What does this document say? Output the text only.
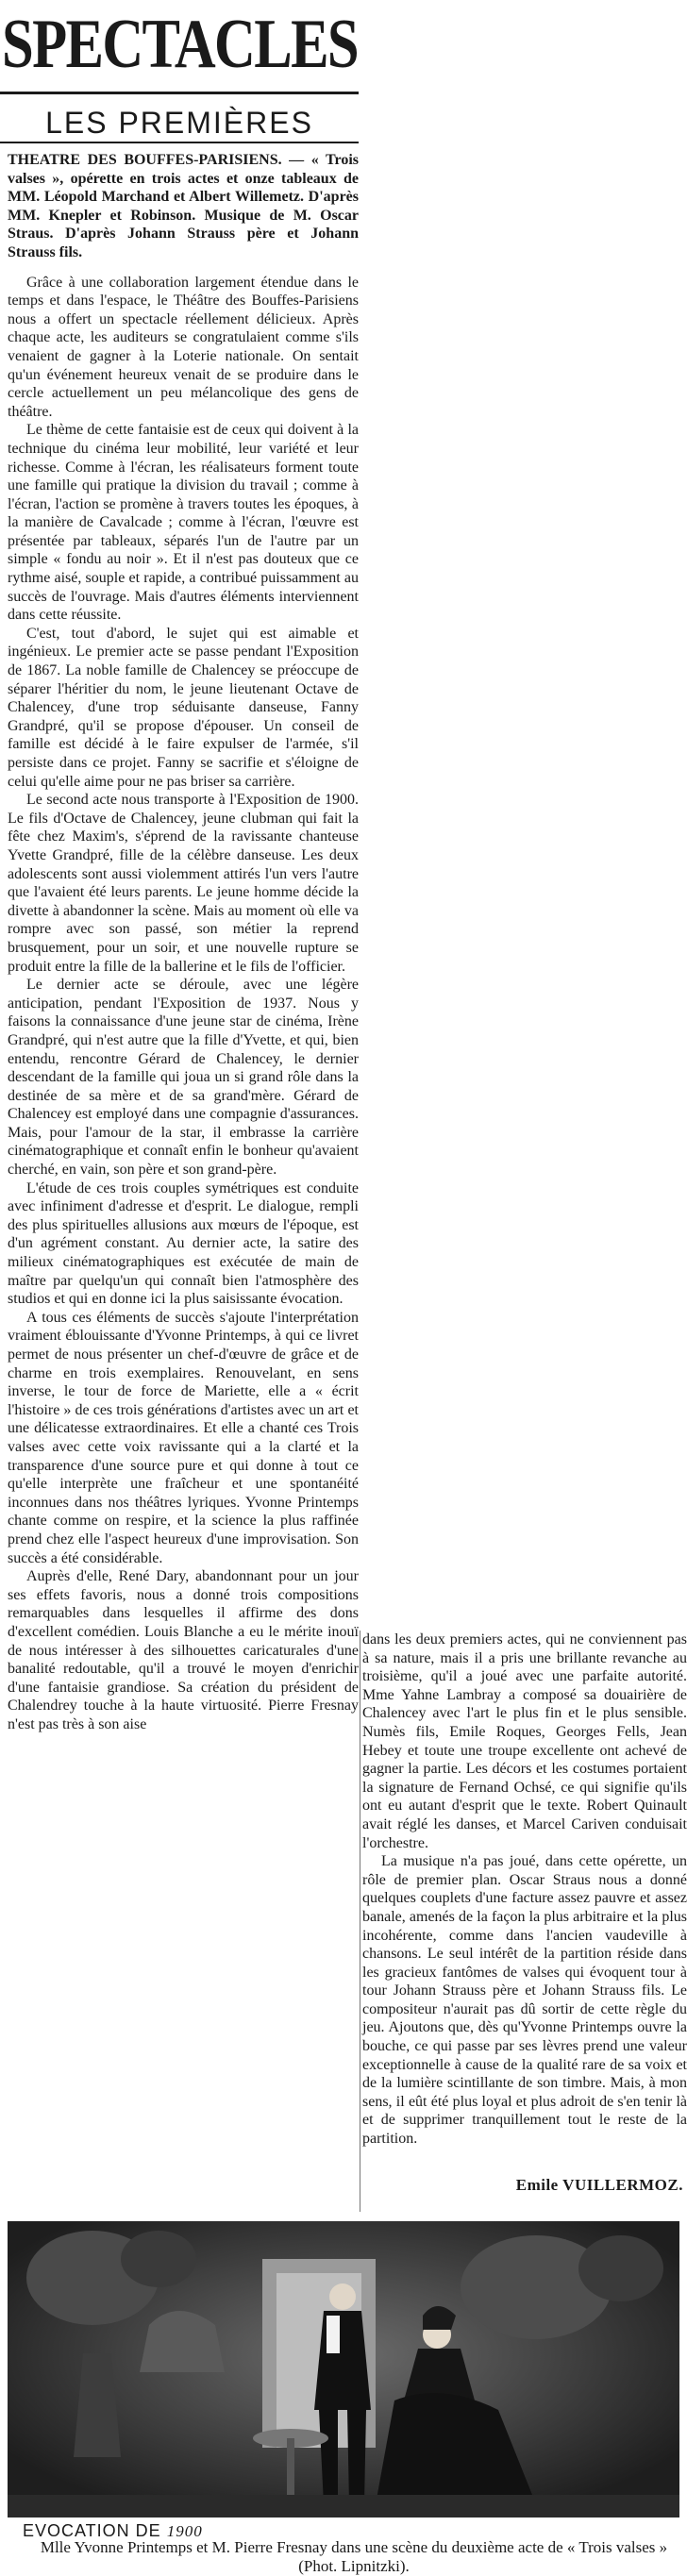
SPECTACLES
LES PREMIÈRES

THEATRE DES BOUFFES-PARISIENS. — « Trois valses », opérette en trois actes et onze tableaux de MM. Léopold Marchand et Albert Willemetz. D'après MM. Knepler et Robinson. Musique de M. Oscar Straus. D'après Johann Strauss père et Johann Strauss fils.

Grâce à une collaboration largement étendue dans le temps et dans l'espace, le Théâtre des Bouffes-Parisiens nous a offert un spectacle réellement délicieux. Après chaque acte, les auditeurs se congratulaient comme s'ils venaient de gagner à la Loterie nationale. On sentait qu'un événement heureux venait de se produire dans le cercle actuellement un peu mélancolique des gens de théâtre.

Le thème de cette fantaisie est de ceux qui doivent à la technique du cinéma leur mobilité, leur variété et leur richesse. Comme à l'écran, les réalisateurs forment toute une famille qui pratique la division du travail ; comme à l'écran, l'action se promène à travers toutes les époques, à la manière de Cavalcade ; comme à l'écran, l'œuvre est présentée par tableaux, séparés l'un de l'autre par un simple « fondu au noir ». Et il n'est pas douteux que ce rythme aisé, souple et rapide, a contribué puissamment au succès de l'ouvrage. Mais d'autres éléments interviennent dans cette réussite.

C'est, tout d'abord, le sujet qui est aimable et ingénieux. Le premier acte se passe pendant l'Exposition de 1867. La noble famille de Chalencey se préoccupe de séparer l'héritier du nom, le jeune lieutenant Octave de Chalencey, d'une trop séduisante danseuse, Fanny Grandpré, qu'il se propose d'épouser. Un conseil de famille est décidé à le faire expulser de l'armée, s'il persiste dans ce projet. Fanny se sacrifie et s'éloigne de celui qu'elle aime pour ne pas briser sa carrière.

Le second acte nous transporte à l'Exposition de 1900. Le fils d'Octave de Chalencey, jeune clubman qui fait la fête chez Maxim's, s'éprend de la ravissante chanteuse Yvette Grandpré, fille de la célèbre danseuse. Les deux adolescents sont aussi violemment attirés l'un vers l'autre que l'avaient été leurs parents. Le jeune homme décide la divette à abandonner la scène. Mais au moment où elle va rompre avec son passé, son métier la reprend brusquement, pour un soir, et une nouvelle rupture se produit entre la fille de la ballerine et le fils de l'officier.

Le dernier acte se déroule, avec une légère anticipation, pendant l'Exposition de 1937. Nous y faisons la connaissance d'une jeune star de cinéma, Irène Grandpré, qui n'est autre que la fille d'Yvette, et qui, bien entendu, rencontre Gérard de Chalencey, le dernier descendant de la famille qui joua un si grand rôle dans la destinée de sa mère et de sa grand'mère. Gérard de Chalencey est employé dans une compagnie d'assurances. Mais, pour l'amour de la star, il embrasse la carrière cinématographique et connaît enfin le bonheur qu'avaient cherché, en vain, son père et son grand-père.

L'étude de ces trois couples symétriques est conduite avec infiniment d'adresse et d'esprit. Le dialogue, rempli des plus spirituelles allusions aux mœurs de l'époque, est d'un agrément constant. Au dernier acte, la satire des milieux cinématographiques est exécutée de main de maître par quelqu'un qui connaît bien l'atmosphère des studios et qui en donne ici la plus saisissante évocation.

A tous ces éléments de succès s'ajoute l'interprétation vraiment éblouissante d'Yvonne Printemps, à qui ce livret permet de nous présenter un chef-d'œuvre de grâce et de charme en trois exemplaires. Renouvelant, en sens inverse, le tour de force de Mariette, elle a « écrit l'histoire » de ces trois générations d'artistes avec un art et une délicatesse extraordinaires. Et elle a chanté ces Trois valses avec cette voix ravissante qui a la clarté et la transparence d'une source pure et qui donne à tout ce qu'elle interprète une fraîcheur et une spontanéité inconnues dans nos théâtres lyriques. Yvonne Printemps chante comme on respire, et la science la plus raffinée prend chez elle l'aspect heureux d'une improvisation. Son succès a été considérable.

Auprès d'elle, René Dary, abandonnant pour un jour ses effets favoris, nous a donné trois compositions remarquables dans lesquelles il affirme des dons d'excellent comédien. Louis Blanche a eu le mérite inouï de nous intéresser à des silhouettes caricaturales d'une banalité redoutable, qu'il a trouvé le moyen d'enrichir d'une fantaisie grandiose. Sa création du président de Chalendrey touche à la haute virtuosité. Pierre Fresnay n'est pas très à son aise

dans les deux premiers actes, qui ne conviennent pas à sa nature, mais il a pris une brillante revanche au troisième, qu'il a joué avec une parfaite autorité. Mme Yahne Lambray a composé sa douairière de Chalencey avec l'art le plus fin et le plus sensible. Numès fils, Emile Roques, Georges Fells, Jean Hebey et toute une troupe excellente ont achevé de gagner la partie. Les décors et les costumes portaient la signature de Fernand Ochsé, ce qui signifie qu'ils ont eu autant d'esprit que le texte. Robert Quinault avait réglé les danses, et Marcel Cariven conduisait l'orchestre.

La musique n'a pas joué, dans cette opérette, un rôle de premier plan. Oscar Straus nous a donné quelques couplets d'une facture assez pauvre et assez banale, amenés de la façon la plus arbitraire et la plus incohérente, comme dans l'ancien vaudeville à chansons. Le seul intérêt de la partition réside dans les gracieux fantômes de valses qui évoquent tour à tour Johann Strauss père et Johann Strauss fils. Le compositeur n'aurait pas dû sortir de cette règle du jeu. Ajoutons que, dès qu'Yvonne Printemps ouvre la bouche, ce qui passe par ses lèvres prend une valeur exceptionnelle à cause de la qualité rare de sa voix et de la lumière scintillante de son timbre. Mais, à mon sens, il eût été plus loyal et plus adroit de s'en tenir là et de supprimer tranquillement tout le reste de la partition.

Emile VUILLERMOZ.
EVOCATION DE 1900
Mlle Yvonne Printemps et M. Pierre Fresnay dans une scène du deuxième acte de « Trois valses » (Phot. Lipnitzki).
